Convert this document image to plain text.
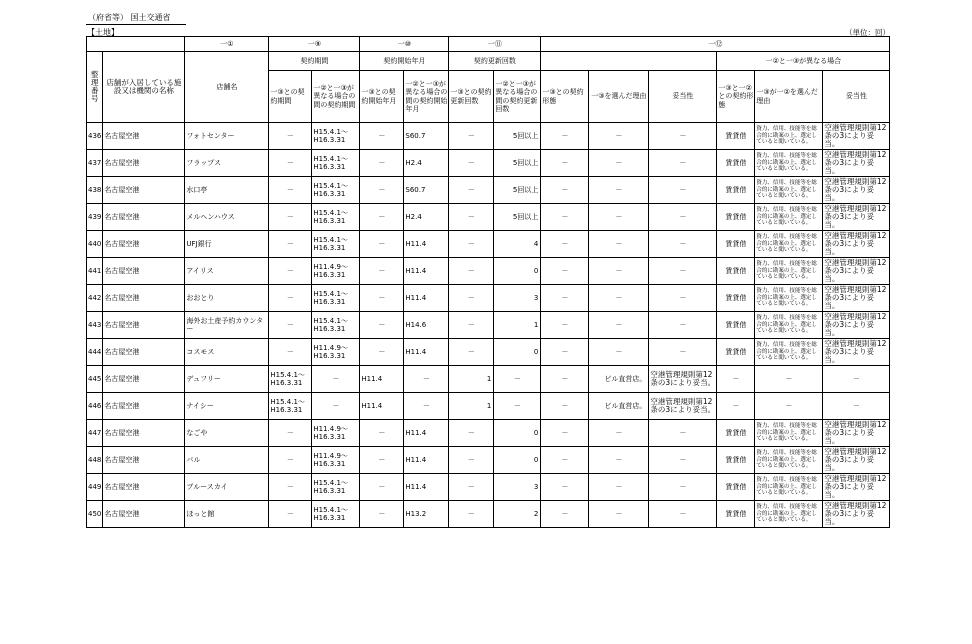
（府省等） 国土交通省
【土地】	（単位：回）
		一①	一⑨		一⑩		一⑪		一⑫					
整理番号	店舗が入居している施設又は機関の名称	店舗名	契約期間		契約開始年月		契約更新回数					一②と一③が異なる場合		
			一③との契約期間	一②と一③が異なる場合の間の契約期間	一③との契約開始年月	一②と一③が異なる場合の間の契約開始年月	一③との契約更新回数	一②と一③が異なる場合の間の契約更新回数	一③との契約形態	一③を選んだ理由	妥当性	一③と一②との契約形態	一③が一②を選んだ理由	妥当性
436	名古屋空港	フォトセンター	－	H15.4.1～H16.3.31	－	S60.7	－	5回以上	－	－	－	賃貸借	資力、信用、技能等を総合的に勘案の上、選定していると聞いている。	空港管理規則第12条の3により妥当。
437	名古屋空港	フラップス	－	H15.4.1～H16.3.31	－	H2.4	－	5回以上	－	－	－	賃貸借	資力、信用、技能等を総合的に勘案の上、選定していると聞いている。	空港管理規則第12条の3により妥当。
438	名古屋空港	水口亭	－	H15.4.1～H16.3.31	－	S60.7	－	5回以上	－	－	－	賃貸借	資力、信用、技能等を総合的に勘案の上、選定していると聞いている。	空港管理規則第12条の3により妥当。
439	名古屋空港	メルヘンハウス	－	H15.4.1～H16.3.31	－	H2.4	－	5回以上	－	－	－	賃貸借	資力、信用、技能等を総合的に勘案の上、選定していると聞いている。	空港管理規則第12条の3により妥当。
440	名古屋空港	UFJ銀行	－	H15.4.1～H16.3.31	－	H11.4	－	4	－	－	－	賃貸借	資力、信用、技能等を総合的に勘案の上、選定していると聞いている。	空港管理規則第12条の3により妥当。
441	名古屋空港	アイリス	－	H11.4.9～H16.3.31	－	H11.4	－	0	－	－	－	賃貸借	資力、信用、技能等を総合的に勘案の上、選定していると聞いている。	空港管理規則第12条の3により妥当。
442	名古屋空港	おおとり	－	H15.4.1～H16.3.31	－	H11.4	－	3	－	－	－	賃貸借	資力、信用、技能等を総合的に勘案の上、選定していると聞いている。	空港管理規則第12条の3により妥当。
443	名古屋空港	海外お土産予約カウンター	－	H15.4.1～H16.3.31	－	H14.6	－	1	－	－	－	賃貸借	資力、信用、技能等を総合的に勘案の上、選定していると聞いている。	空港管理規則第12条の3により妥当。
444	名古屋空港	コスモス	－	H11.4.9～H16.3.31	－	H11.4	－	0	－	－	－	賃貸借	資力、信用、技能等を総合的に勘案の上、選定していると聞いている。	空港管理規則第12条の3により妥当。
445	名古屋空港	デュフリー	H15.4.1～H16.3.31	－	H11.4	－	1	－	－	ビル直営店。	空港管理規則第12条の3により妥当。	－	－	－
446	名古屋空港	ナイシー	H15.4.1～H16.3.31	－	H11.4	－	1	－	－	ビル直営店。	空港管理規則第12条の3により妥当。	－	－	－
447	名古屋空港	なごや	－	H11.4.9～H16.3.31	－	H11.4	－	0	－	－	－	賃貸借	資力、信用、技能等を総合的に勘案の上、選定していると聞いている。	空港管理規則第12条の3により妥当。
448	名古屋空港	パル	－	H11.4.9～H16.3.31	－	H11.4	－	0	－	－	－	賃貸借	資力、信用、技能等を総合的に勘案の上、選定していると聞いている。	空港管理規則第12条の3により妥当。
449	名古屋空港	ブルースカイ	－	H15.4.1～H16.3.31	－	H11.4	－	3	－	－	－	賃貸借	資力、信用、技能等を総合的に勘案の上、選定していると聞いている。	空港管理規則第12条の3により妥当。
450	名古屋空港	ほっと館	－	H15.4.1～H16.3.31	－	H13.2	－	2	－	－	－	賃貸借	資力、信用、技能等を総合的に勘案の上、選定していると聞いている。	空港管理規則第12条の3により妥当。
